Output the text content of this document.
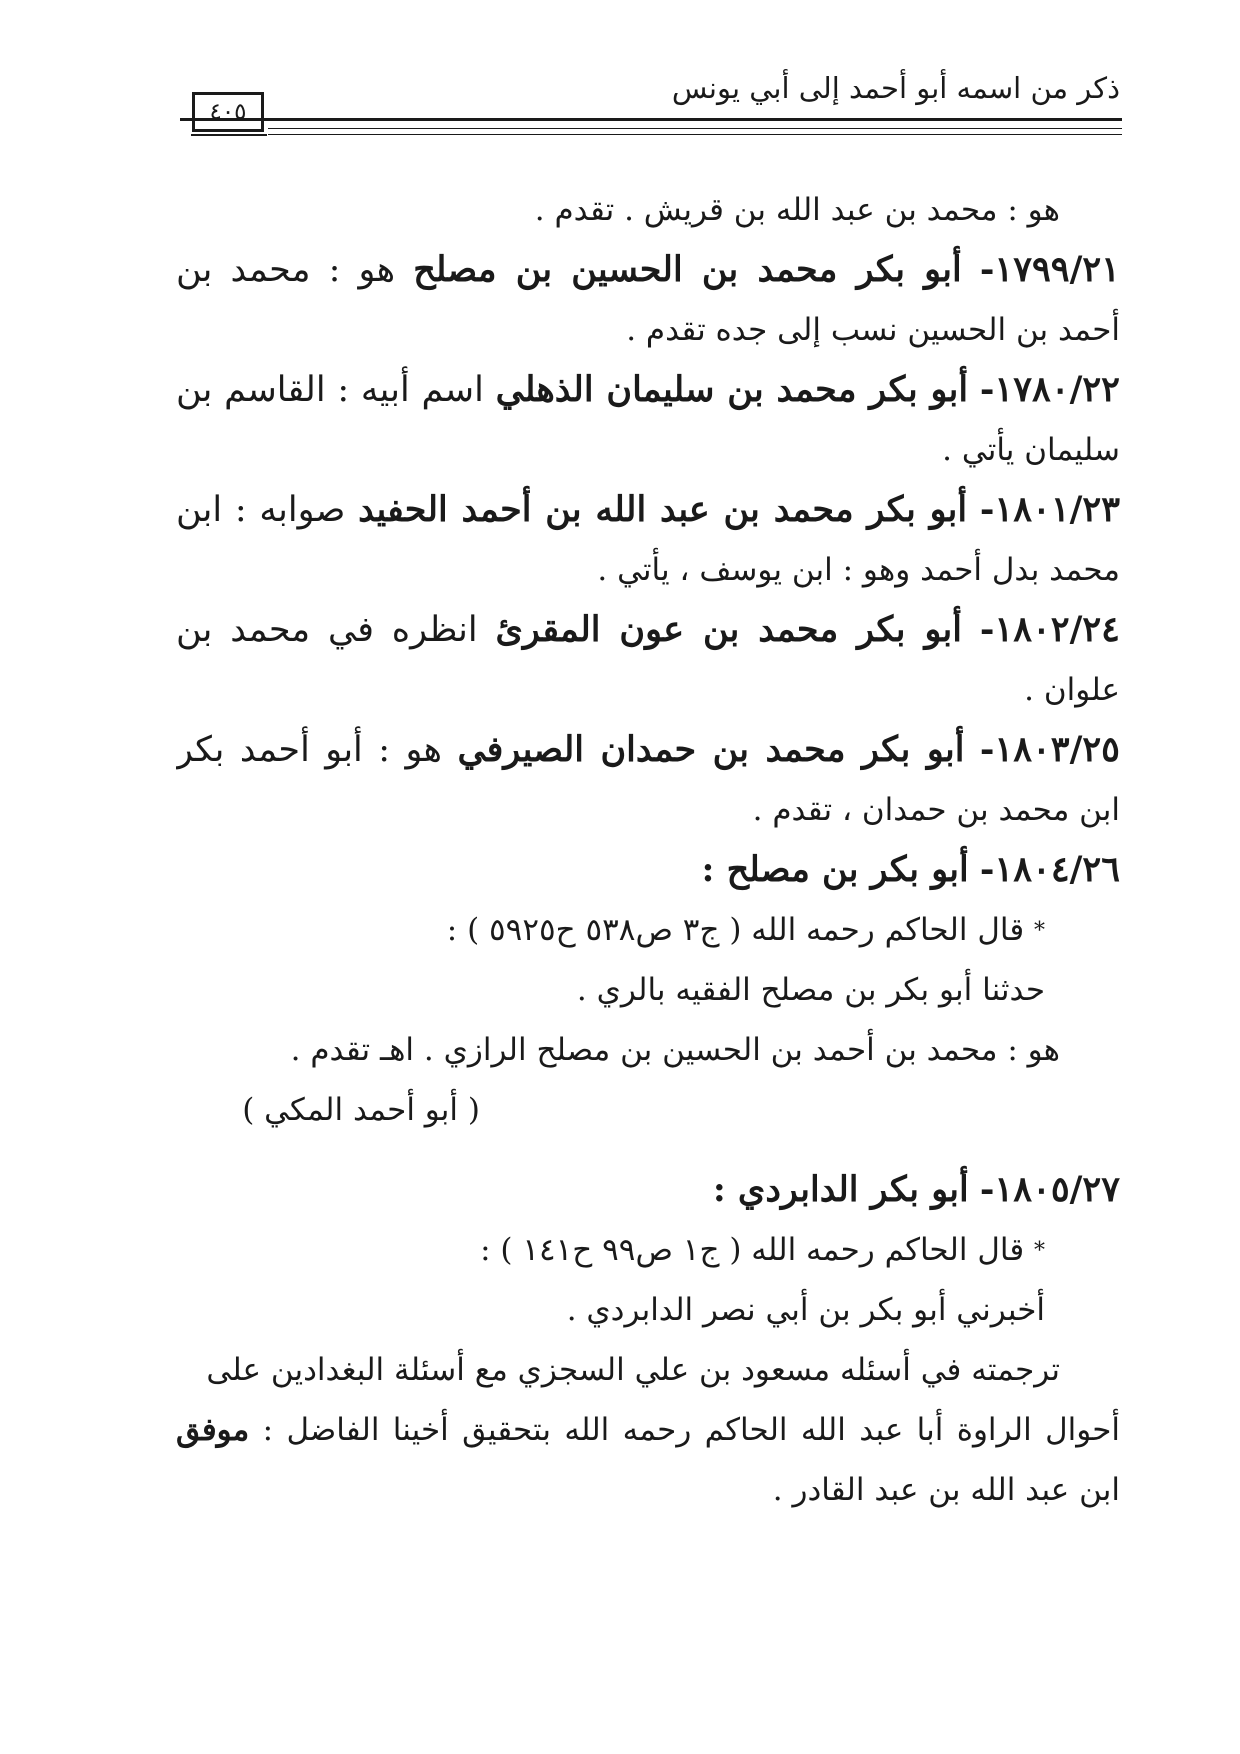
ذكر من اسمه أبو أحمد إلى أبي يونس
٤٠٥
هو : محمد بن عبد الله بن قريش . تقدم .
١٧٩٩/٢١- أبو بكر محمد بن الحسين بن مصلح هو : محمد بن
أحمد بن الحسين نسب إلى جده تقدم .
١٧٨٠/٢٢- أبو بكر محمد بن سليمان الذهلي اسم أبيه : القاسم بن
سليمان يأتي .
١٨٠١/٢٣- أبو بكر محمد بن عبد الله بن أحمد الحفيد صوابه : ابن
محمد بدل أحمد وهو : ابن يوسف ، يأتي .
١٨٠٢/٢٤- أبو بكر محمد بن عون المقرئ انظره في محمد بن
علوان .
١٨٠٣/٢٥- أبو بكر محمد بن حمدان الصيرفي هو : أبو أحمد بكر
ابن محمد بن حمدان ، تقدم .
١٨٠٤/٢٦- أبو بكر بن مصلح :
* قال الحاكم رحمه الله ( ج٣ ص٥٣٨ ح٥٩٢٥ ) :
حدثنا أبو بكر بن مصلح الفقيه بالري .
هو : محمد بن أحمد بن الحسين بن مصلح الرازي . اهـ تقدم .
( أبو أحمد المكي )
١٨٠٥/٢٧- أبو بكر الدابردي :
* قال الحاكم رحمه الله ( ج١ ص٩٩ ح١٤١ ) :
أخبرني أبو بكر بن أبي نصر الدابردي .
ترجمته في أسئله مسعود بن علي السجزي مع أسئلة البغدادين على
أحوال الراوة أبا عبد الله الحاكم رحمه الله بتحقيق أخينا الفاضل : موفق
ابن عبد الله بن عبد القادر .
